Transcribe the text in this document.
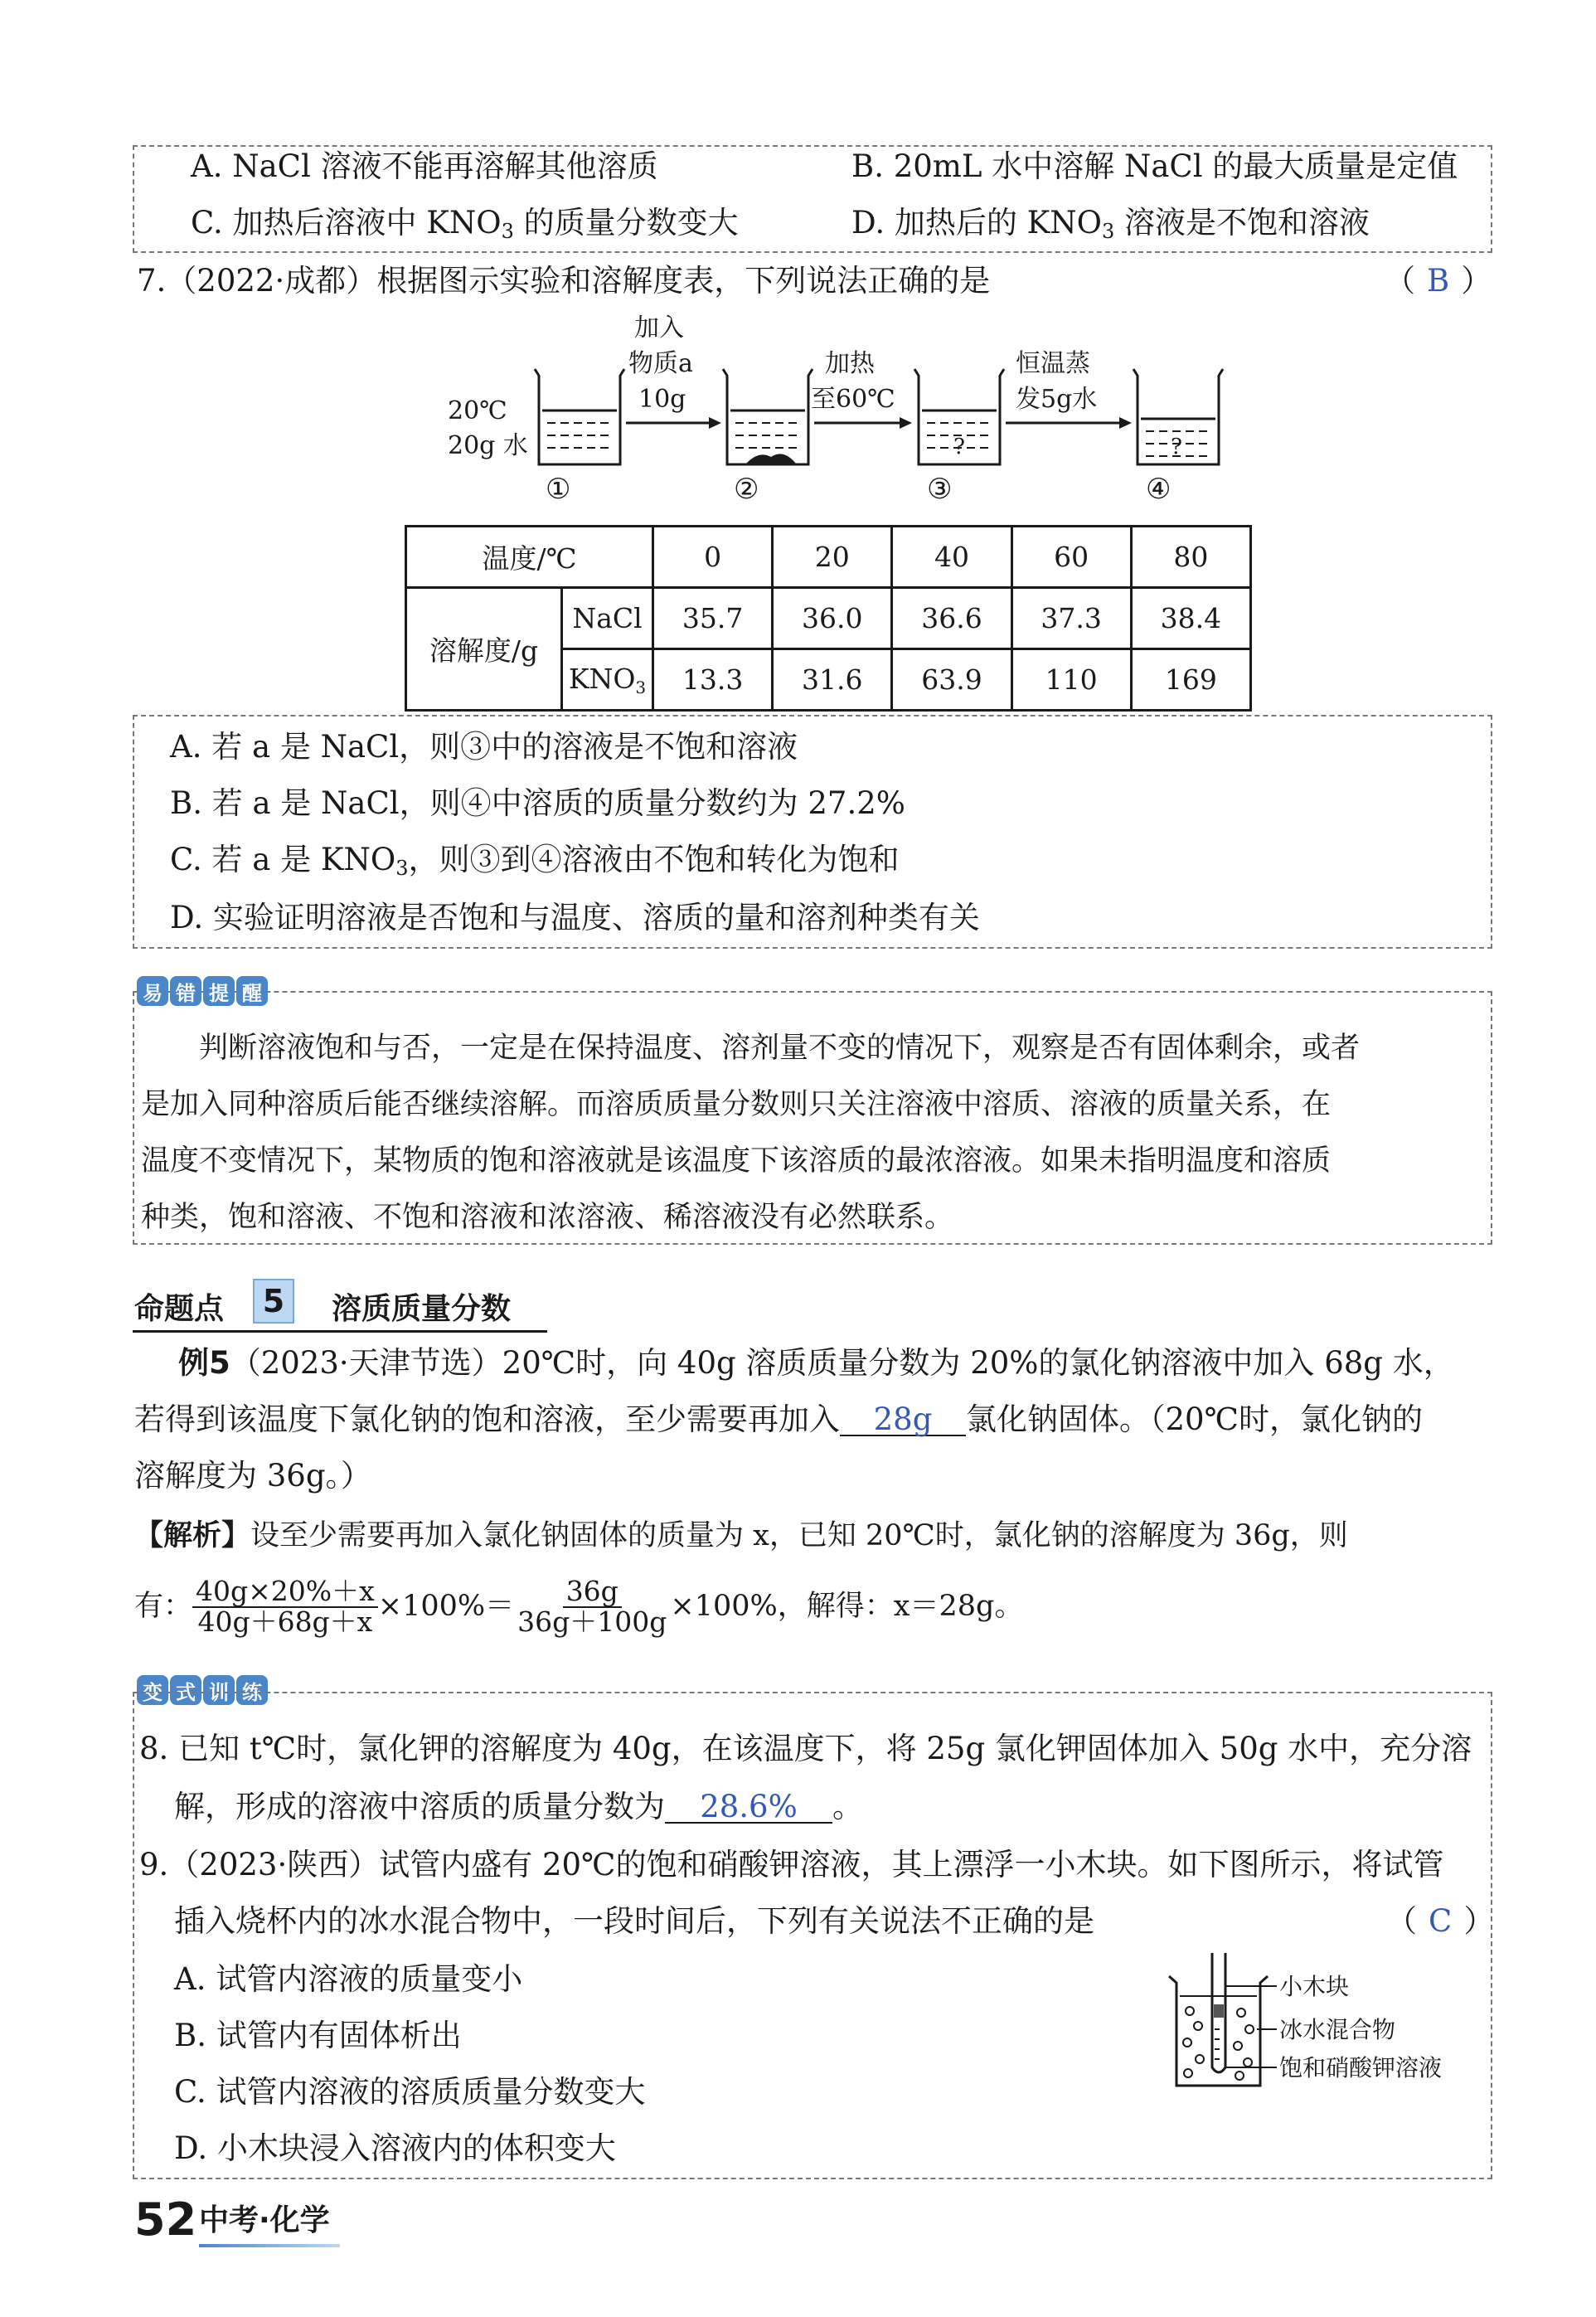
A. NaCl 溶液不能再溶解其他溶质	B. 20mL 水中溶解 NaCl 的最大质量是定值
C. 加热后溶液中 $KNO_3$ 的质量分数变大	D. 加热后的 $KNO_3$ 溶液是不饱和溶液
7.（2022·成都）根据图示实验和溶解度表，下列说法正确的是	（ B ）
20℃
20g 水
加入
物质a
10g
加热
至60℃
恒温蒸
发5g水
①	②	③	④
?	?
温度/℃		0	20	40	60	80
溶解度/g	NaCl	35.7	36.0	36.6	37.3	38.4
	$KNO_3$	13.3	31.6	63.9	110	169
A. 若 a 是 NaCl，则③中的溶液是不饱和溶液
B. 若 a 是 NaCl，则④中溶质的质量分数约为 27.2%
C. 若 a 是 $KNO_3$，则③到④溶液由不饱和转化为饱和
D. 实验证明溶液是否饱和与温度、溶质的量和溶剂种类有关
易 错 提 醒
判断溶液饱和与否，一定是在保持温度、溶剂量不变的情况下，观察是否有固体剩余，或者
是加入同种溶质后能否继续溶解。而溶质质量分数则只关注溶液中溶质、溶液的质量关系，在
温度不变情况下，某物质的饱和溶液就是该温度下该溶质的最浓溶液。如果未指明温度和溶质
种类，饱和溶液、不饱和溶液和浓溶液、稀溶液没有必然联系。
命题点 5 溶质质量分数
例5（2023·天津节选）20℃时，向 40g 溶质质量分数为 20%的氯化钠溶液中加入 68g 水，
若得到该温度下氯化钠的饱和溶液，至少需要再加入 28g 氯化钠固体。（20℃时，氯化钠的
溶解度为 36g。）
【解析】设至少需要再加入氯化钠固体的质量为 x，已知 20℃时，氯化钠的溶解度为 36g，则
有： $\frac{40g\times 20\%+x}{40g+68g+x} \times 100\%= \frac{36g}{36g+100g} \times 100\%$，解得：x＝28g。
变 式 训 练
8. 已知 t℃时，氯化钾的溶解度为 40g，在该温度下，将 25g 氯化钾固体加入 50g 水中，充分溶
解，形成的溶液中溶质的质量分数为 28.6% 。
9.（2023·陕西）试管内盛有 20℃的饱和硝酸钾溶液，其上漂浮一小木块。如下图所示，将试管
插入烧杯内的冰水混合物中，一段时间后，下列有关说法不正确的是	（ C ）
A. 试管内溶液的质量变小
B. 试管内有固体析出
C. 试管内溶液的溶质质量分数变大
D. 小木块浸入溶液内的体积变大
小木块
冰水混合物
饱和硝酸钾溶液
52 中考·化学
